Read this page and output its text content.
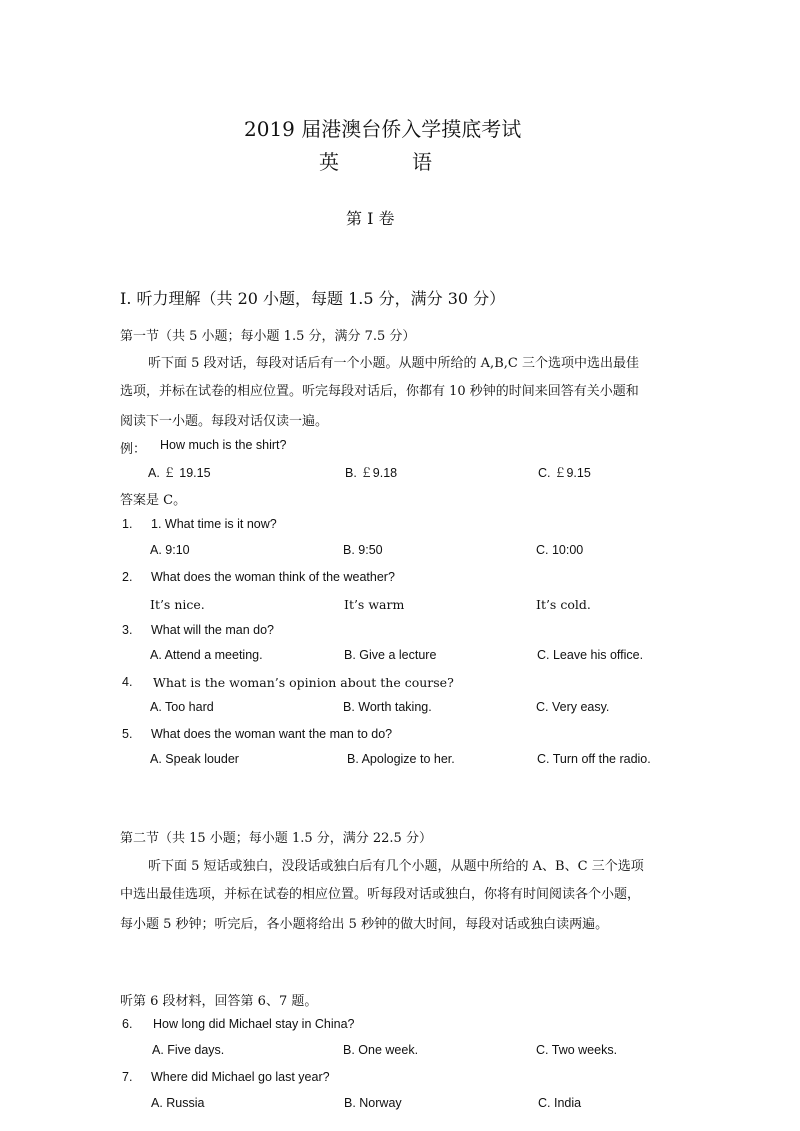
2019 届港澳台侨入学摸底考试
英	语
第 I 卷
I. 听力理解（共 20 小题，每题 1.5 分，满分 30 分）
第一节（共 5 小题；每小题 1.5 分，满分 7.5 分）
听下面 5 段对话，每段对话后有一个小题。从题中所给的 A,B,C 三个选项中选出最佳
选项，并标在试卷的相应位置。听完每段对话后，你都有 10 秒钟的时间来回答有关小题和
阅读下一小题。每段对话仅读一遍。
例： How much is the shirt?
A. ￡ 19.15	B. ￡9.18	C. ￡9.15
答案是 C。
1. 1. What time is it now?
A. 9:10	B. 9:50	C. 10:00
2. What does the woman think of the weather?
It’s nice.	It’s warm	It’s cold.
3. What will the man do?
A. Attend a meeting.	B. Give a lecture	C. Leave his office.
4. What is the woman’s opinion about the course?
A. Too hard	B. Worth taking.	C. Very easy.
5. What does the woman want the man to do?
A. Speak louder	B. Apologize to her.	C. Turn off the radio.
第二节（共 15 小题；每小题 1.5 分，满分 22.5 分）
听下面 5 短话或独白，没段话或独白后有几个小题，从题中所给的 A、B、C 三个选项
中选出最佳选项，并标在试卷的相应位置。听每段对话或独白，你将有时间阅读各个小题，
每小题 5 秒钟；听完后，各小题将给出 5 秒钟的做大时间，每段对话或独白读两遍。
听第 6 段材料，回答第 6、7 题。
6. How long did Michael stay in China?
A. Five days.	B. One week.	C. Two weeks.
7. Where did Michael go last year?
A. Russia	B. Norway	C. India
